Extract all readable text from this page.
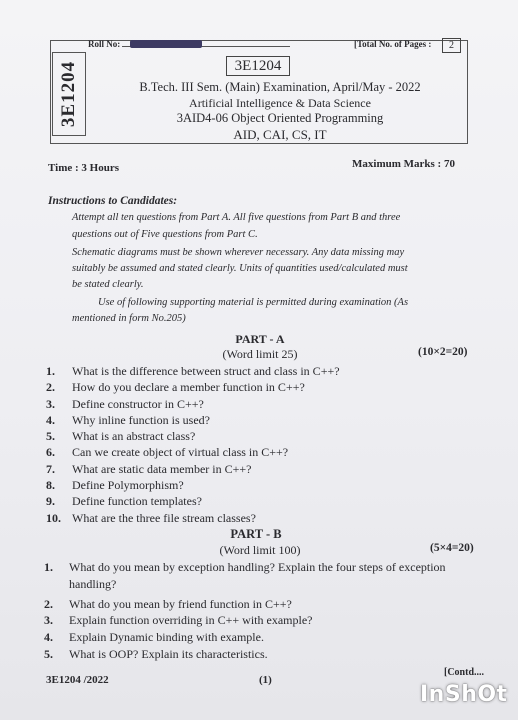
3E1204
Roll No:	[Total No. of Pages :	2
3E1204
B.Tech. III Sem. (Main) Examination, April/May - 2022
Artificial Intelligence & Data Science
3AID4-06 Object Oriented Programming
AID, CAI, CS, IT
Time : 3 Hours	Maximum Marks : 70
Instructions to Candidates:
Attempt all ten questions from Part A. All five questions from Part B and three
questions out of Five questions from Part C.
Schematic diagrams must be shown wherever necessary. Any data missing may
suitably be assumed and stated clearly. Units of quantities used/calculated must
be stated clearly.
Use of following supporting material is permitted during examination (As
mentioned in form No.205)
PART - A
(Word limit 25)	(10×2=20)
1. What is the difference between struct and class in C++?
2. How do you declare a member function in C++?
3. Define constructor in C++?
4. Why inline function is used?
5. What is an abstract class?
6. Can we create object of virtual class in C++?
7. What are static data member in C++?
8. Define Polymorphism?
9. Define function templates?
10. What are the three file stream classes?
PART - B
(Word limit 100)	(5×4=20)
1. What do you mean by exception handling? Explain the four steps of exception
handling?
2. What do you mean by friend function in C++?
3. Explain function overriding in C++ with example?
4. Explain Dynamic binding with example.
5. What is OOP? Explain its characteristics.
3E1204 /2022	(1)
[Contd....
InShOt
